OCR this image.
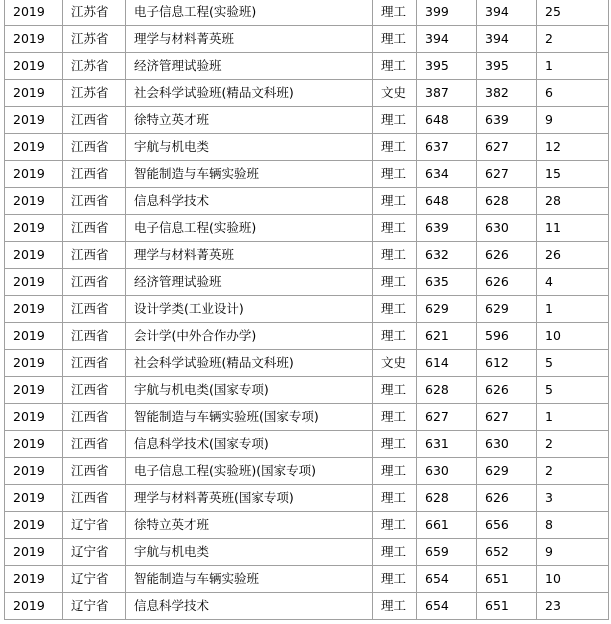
2019	江苏省	电子信息工程(实验班)	理工	399	394	25
2019	江苏省	理学与材料菁英班	理工	394	394	2
2019	江苏省	经济管理试验班	理工	395	395	1
2019	江苏省	社会科学试验班(精品文科班)	文史	387	382	6
2019	江西省	徐特立英才班	理工	648	639	9
2019	江西省	宇航与机电类	理工	637	627	12
2019	江西省	智能制造与车辆实验班	理工	634	627	15
2019	江西省	信息科学技术	理工	648	628	28
2019	江西省	电子信息工程(实验班)	理工	639	630	11
2019	江西省	理学与材料菁英班	理工	632	626	26
2019	江西省	经济管理试验班	理工	635	626	4
2019	江西省	设计学类(工业设计)	理工	629	629	1
2019	江西省	会计学(中外合作办学)	理工	621	596	10
2019	江西省	社会科学试验班(精品文科班)	文史	614	612	5
2019	江西省	宇航与机电类(国家专项)	理工	628	626	5
2019	江西省	智能制造与车辆实验班(国家专项)	理工	627	627	1
2019	江西省	信息科学技术(国家专项)	理工	631	630	2
2019	江西省	电子信息工程(实验班)(国家专项)	理工	630	629	2
2019	江西省	理学与材料菁英班(国家专项)	理工	628	626	3
2019	辽宁省	徐特立英才班	理工	661	656	8
2019	辽宁省	宇航与机电类	理工	659	652	9
2019	辽宁省	智能制造与车辆实验班	理工	654	651	10
2019	辽宁省	信息科学技术	理工	654	651	23
